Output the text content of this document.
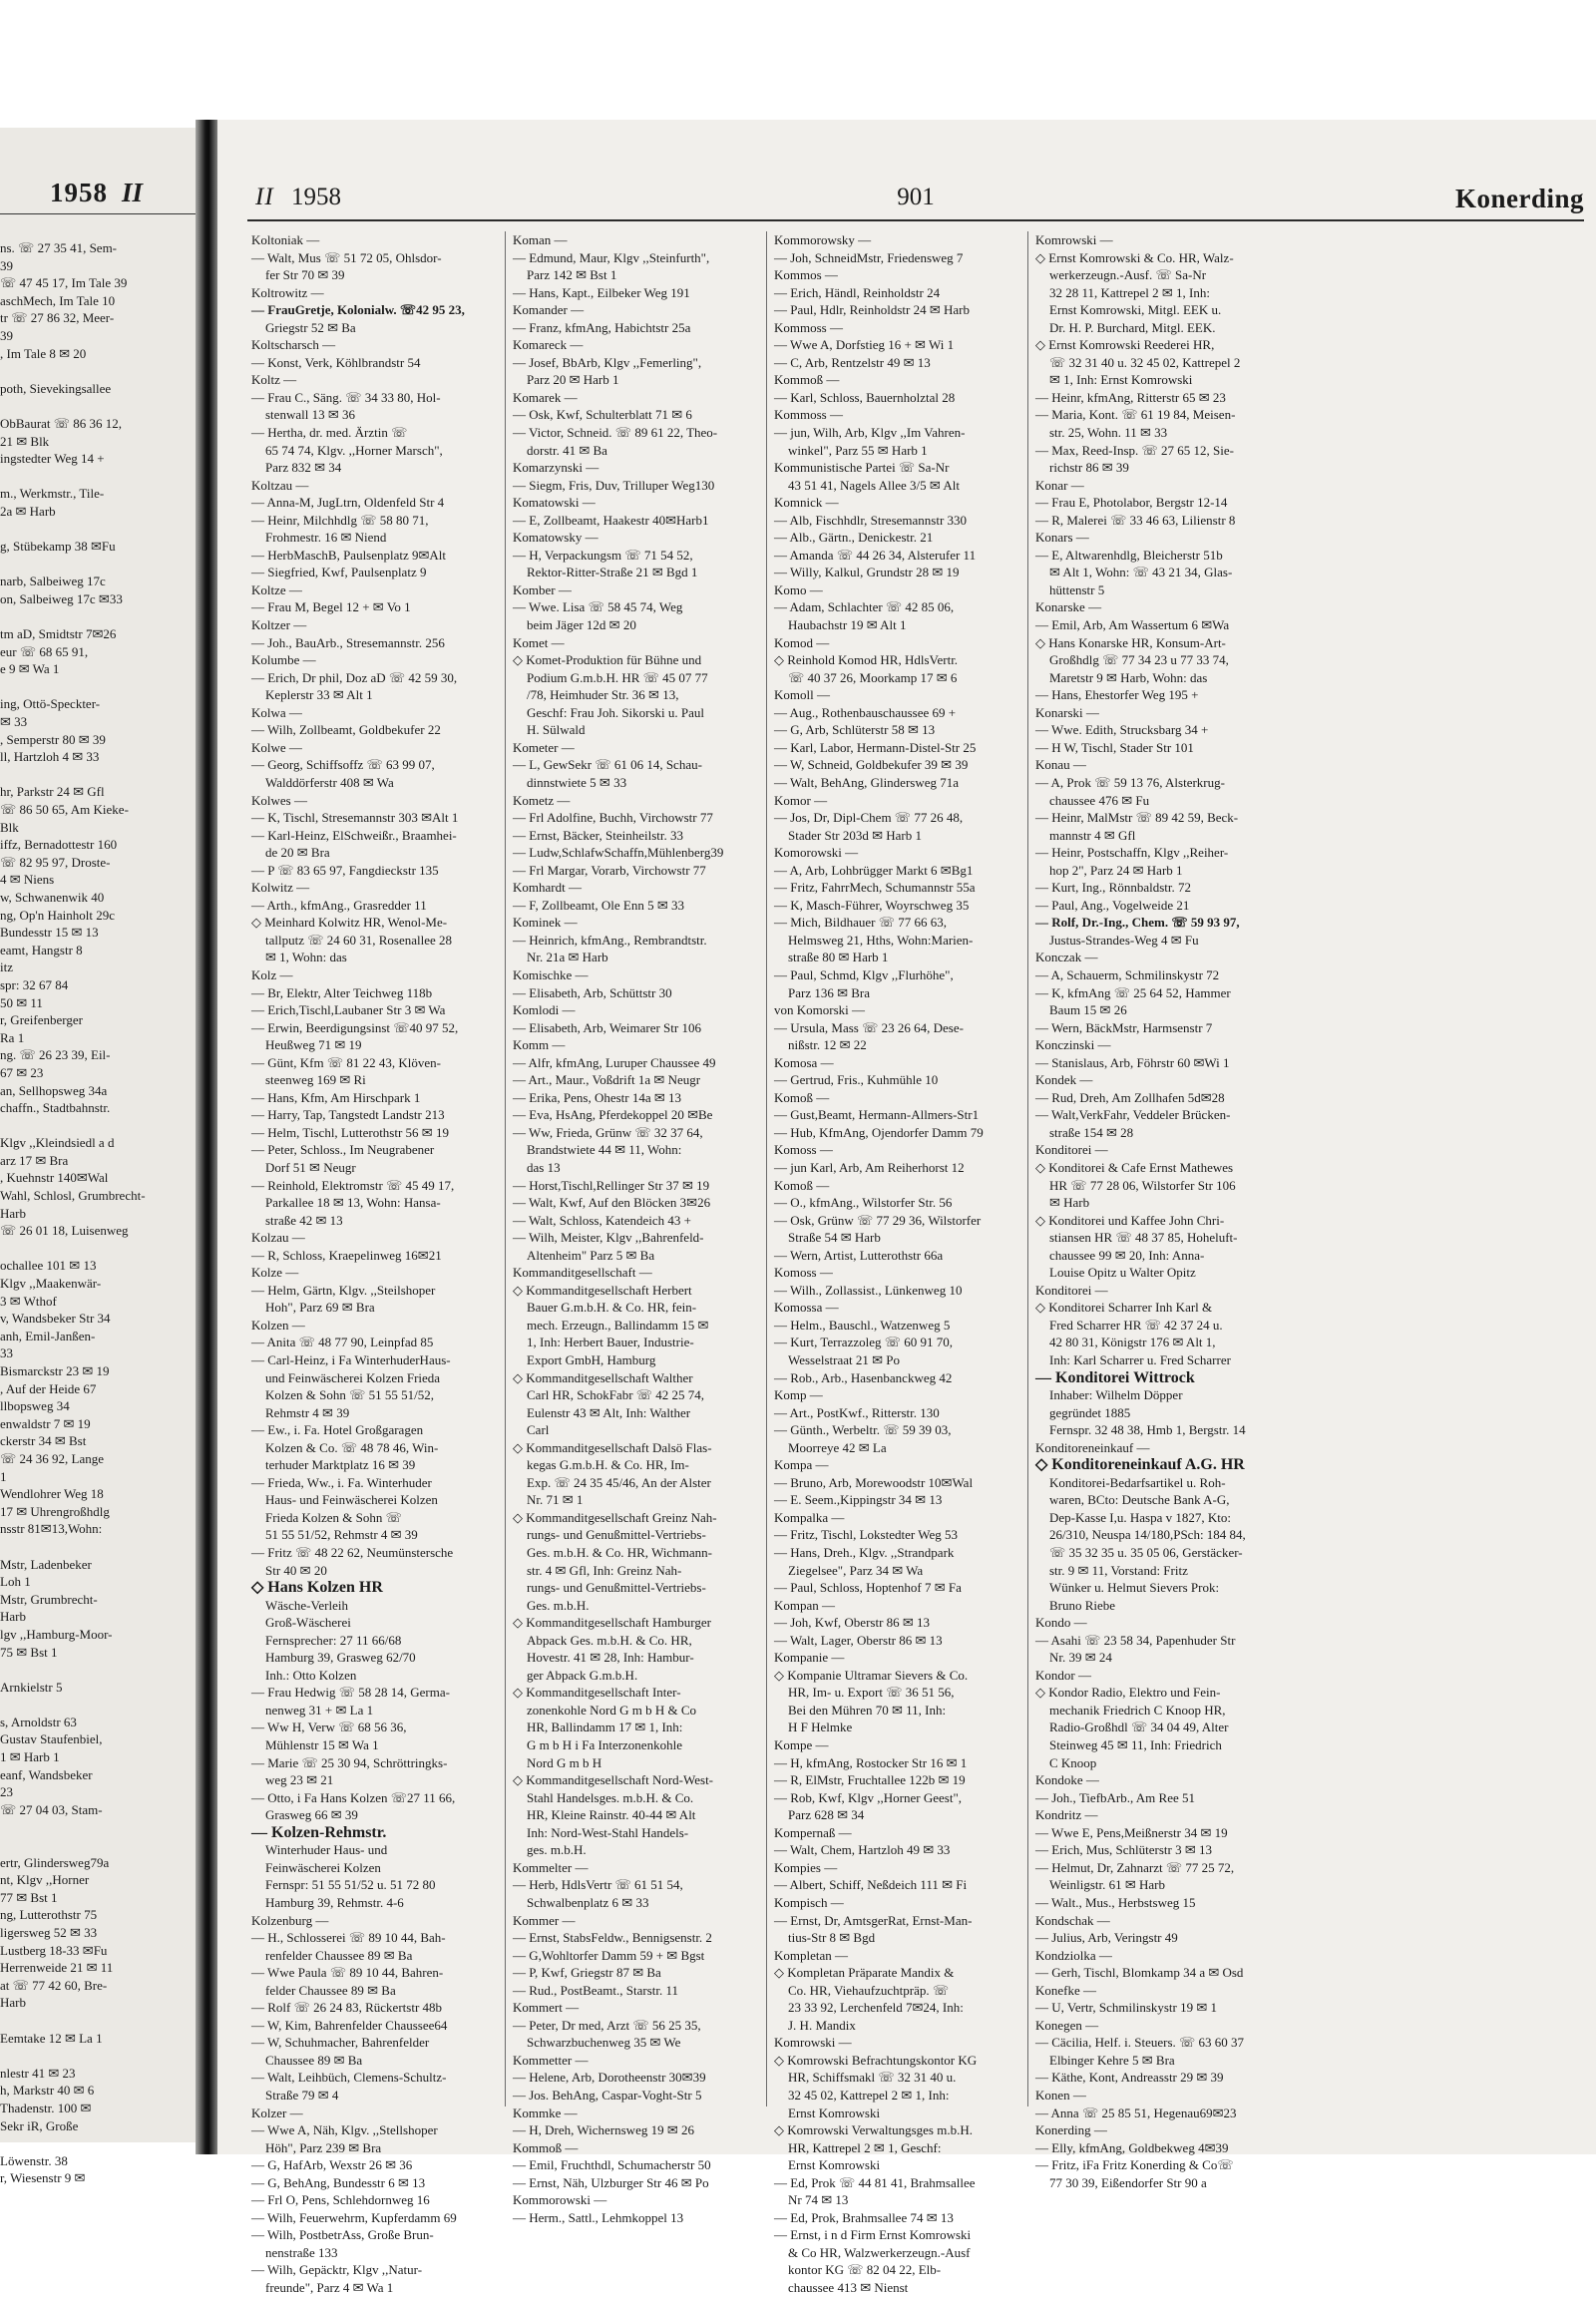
1958 II
ns. ☏ 27 35 41, Sem-
39
☏ 47 45 17, Im Tale 39
aschMech, Im Tale 10
tr ☏ 27 86 32, Meer-
39
, Im Tale 8 ✉ 20

poth, Sievekingsallee

ObBaurat ☏ 86 36 12,
21 ✉ Blk
ingstedter Weg 14 +

m., Werkmstr., Tile-
2a ✉ Harb

g, Stübekamp 38 ✉Fu

narb, Salbeiweg 17c
on, Salbeiweg 17c ✉33

tm aD, Smidtstr 7✉26
eur ☏ 68 65 91,
e 9 ✉ Wa 1

ing, Ottö-Speckter-
✉ 33
, Semperstr 80 ✉ 39
ll, Hartzloh 4 ✉ 33

hr, Parkstr 24 ✉ Gfl
☏ 86 50 65, Am Kieke-
Blk
iffz, Bernadottestr 160
☏ 82 95 97, Droste-
4 ✉ Niens
w, Schwanenwik 40
ng, Op'n Hainholt 29c
Bundesstr 15 ✉ 13
eamt, Hangstr 8
itz
spr: 32 67 84
50 ✉ 11
r, Greifenberger
Ra 1
ng. ☏ 26 23 39, Eil-
67 ✉ 23
an, Sellhopsweg 34a
chaffn., Stadtbahnstr.

Klgv ,,Kleindsiedl a d
arz 17 ✉ Bra
, Kuehnstr 140✉Wal
Wahl, Schlosl, Grumbrecht-
Harb
☏ 26 01 18, Luisenweg

ochallee 101 ✉ 13
Klgv ,,Maakenwär-
3 ✉ Wthof
v, Wandsbeker Str 34
anh, Emil-Janßen-
33
Bismarckstr 23 ✉ 19
, Auf der Heide 67
llbopsweg 34
enwaldstr 7 ✉ 19
ckerstr 34 ✉ Bst
☏ 24 36 92, Lange
1
Wendlohrer Weg 18
17 ✉ Uhrengroßhdlg
nsstr 81✉13,Wohn:

Mstr, Ladenbeker
Loh 1
Mstr, Grumbrecht-
Harb
lgv ,,Hamburg-Moor-
75 ✉ Bst 1

Arnkielstr 5

s, Arnoldstr 63
Gustav Staufenbiel,
1 ✉ Harb 1
eanf, Wandsbeker
23
☏ 27 04 03, Stam-

ertr, Glindersweg79a
nt, Klgv ,,Horner
77 ✉ Bst 1
ng, Lutterothstr 75
ligersweg 52 ✉ 33
Lustberg 18-33 ✉Fu
Herrenweide 21 ✉ 11
at ☏ 77 42 60, Bre-
Harb

Eemtake 12 ✉ La 1

nlestr 41 ✉ 23
h, Markstr 40 ✉ 6
Thadenstr. 100 ✉
Sekr iR, Große

Löwenstr. 38
r, Wiesenstr 9 ✉
II 1958	901	Konerding
Koltoniak —
— Walt, Mus ☏ 51 72 05, Ohlsdor-
fer Str 70 ✉ 39
Koltrowitz —
— FrauGretje, Kolonialw. ☏42 95 23,
Griegstr 52 ✉ Ba
Koltscharsch —
— Konst, Verk, Köhlbrandstr 54
Koltz —
— Frau C., Säng. ☏ 34 33 80, Hol-
stenwall 13 ✉ 36
— Hertha, dr. med. Ärztin ☏
65 74 74, Klgv. ,,Horner Marsch",
Parz 832 ✉ 34
Koltzau —
— Anna-M, JugLtrn, Oldenfeld Str 4
— Heinr, Milchhdlg ☏ 58 80 71,
Frohmestr. 16 ✉ Niend
— HerbMaschB, Paulsenplatz 9✉Alt
— Siegfried, Kwf, Paulsenplatz 9
Koltze —
— Frau M, Begel 12 + ✉ Vo 1
Koltzer —
— Joh., BauArb., Stresemannstr. 256
Kolumbe —
— Erich, Dr phil, Doz aD ☏ 42 59 30,
Keplerstr 33 ✉ Alt 1
Kolwa —
— Wilh, Zollbeamt, Goldbekufer 22
Kolwe —
— Georg, Schiffsoffz ☏ 63 99 07,
Walddörferstr 408 ✉ Wa
Kolwes —
— K, Tischl, Stresemannstr 303 ✉Alt 1
— Karl-Heinz, ElSchweißr., Braamhei-
de 20 ✉ Bra
— P ☏ 83 65 97, Fangdieckstr 135
Kolwitz —
— Arth., kfmAng., Grasredder 11
◇ Meinhard Kolwitz HR, Wenol-Me-
tallputz ☏ 24 60 31, Rosenallee 28
✉ 1, Wohn: das
Kolz —
— Br, Elektr, Alter Teichweg 118b
— Erich,Tischl,Laubaner Str 3 ✉ Wa
— Erwin, Beerdigungsinst ☏40 97 52,
Heußweg 71 ✉ 19
— Günt, Kfm ☏ 81 22 43, Klöven-
steenweg 169 ✉ Ri
— Hans, Kfm, Am Hirschpark 1
— Harry, Tap, Tangstedt Landstr 213
— Helm, Tischl, Lutterothstr 56 ✉ 19
— Peter, Schloss., Im Neugrabener
Dorf 51 ✉ Neugr
— Reinhold, Elektromstr ☏ 45 49 17,
Parkallee 18 ✉ 13, Wohn: Hansa-
straße 42 ✉ 13
Kolzau —
— R, Schloss, Kraepelinweg 16✉21
Kolze —
— Helm, Gärtn, Klgv. ,,Steilshoper
Hoh", Parz 69 ✉ Bra
Kolzen —
— Anita ☏ 48 77 90, Leinpfad 85
— Carl-Heinz, i Fa WinterhuderHaus-
und Feinwäscherei Kolzen Frieda
Kolzen & Sohn ☏ 51 55 51/52,
Rehmstr 4 ✉ 39
— Ew., i. Fa. Hotel Großgaragen
Kolzen & Co. ☏ 48 78 46, Win-
terhuder Marktplatz 16 ✉ 39
— Frieda, Ww., i. Fa. Winterhuder
Haus- und Feinwäscherei Kolzen
Frieda Kolzen & Sohn ☏
51 55 51/52, Rehmstr 4 ✉ 39
— Fritz ☏ 48 22 62, Neumünstersche
Str 40 ✉ 20
◇ Hans Kolzen HR
Wäsche-Verleih
Groß-Wäscherei
Fernsprecher: 27 11 66/68
Hamburg 39, Grasweg 62/70
Inh.: Otto Kolzen
— Frau Hedwig ☏ 58 28 14, Germa-
nenweg 31 + ✉ La 1
— Ww H, Verw ☏ 68 56 36,
Mühlenstr 15 ✉ Wa 1
— Marie ☏ 25 30 94, Schröttringks-
weg 23 ✉ 21
— Otto, i Fa Hans Kolzen ☏27 11 66,
Grasweg 66 ✉ 39
— Kolzen-Rehmstr.
Winterhuder Haus- und
Feinwäscherei Kolzen
Fernspr: 51 55 51/52 u. 51 72 80
Hamburg 39, Rehmstr. 4-6
Kolzenburg —
— H., Schlosserei ☏ 89 10 44, Bah-
renfelder Chaussee 89 ✉ Ba
— Wwe Paula ☏ 89 10 44, Bahren-
felder Chaussee 89 ✉ Ba
— Rolf ☏ 26 24 83, Rückertstr 48b
— W, Kim, Bahrenfelder Chaussee64
— W, Schuhmacher, Bahrenfelder
Chaussee 89 ✉ Ba
— Walt, Leihbüch, Clemens-Schultz-
Straße 79 ✉ 4
Kolzer —
— Wwe A, Näh, Klgv. ,,Stellshoper
Höh", Parz 239 ✉ Bra
— G, HafArb, Wexstr 26 ✉ 36
— G, BehAng, Bundesstr 6 ✉ 13
— Frl O, Pens, Schlehdornweg 16
— Wilh, Feuerwehrm, Kupferdamm 69
— Wilh, PostbetrAss, Große Brun-
nenstraße 133
— Wilh, Gepäcktr, Klgv ,,Natur-
freunde", Parz 4 ✉ Wa 1
Koman —
— Edmund, Maur, Klgv ,,Steinfurth",
Parz 142 ✉ Bst 1
— Hans, Kapt., Eilbeker Weg 191
Komander —
— Franz, kfmAng, Habichtstr 25a
Komareck —
— Josef, BbArb, Klgv ,,Femerling",
Parz 20 ✉ Harb 1
Komarek —
— Osk, Kwf, Schulterblatt 71 ✉ 6
— Victor, Schneid. ☏ 89 61 22, Theo-
dorstr. 41 ✉ Ba
Komarzynski —
— Siegm, Fris, Duv, Trilluper Weg130
Komatowski —
— E, Zollbeamt, Haakestr 40✉Harb1
Komatowsky —
— H, Verpackungsm ☏ 71 54 52,
Rektor-Ritter-Straße 21 ✉ Bgd 1
Komber —
— Wwe. Lisa ☏ 58 45 74, Weg
beim Jäger 12d ✉ 20
Komet —
◇ Komet-Produktion für Bühne und
Podium G.m.b.H. HR ☏ 45 07 77
/78, Heimhuder Str. 36 ✉ 13,
Geschf: Frau Joh. Sikorski u. Paul
H. Sülwald
Kometer —
— L, GewSekr ☏ 61 06 14, Schau-
dinnstwiete 5 ✉ 33
Kometz —
— Frl Adolfine, Buchh, Virchowstr 77
— Ernst, Bäcker, Steinheilstr. 33
— Ludw,SchlafwSchaffn,Mühlenberg39
— Frl Margar, Vorarb, Virchowstr 77
Komhardt —
— F, Zollbeamt, Ole Enn 5 ✉ 33
Kominek —
— Heinrich, kfmAng., Rembrandtstr.
Nr. 21a ✉ Harb
Komischke —
— Elisabeth, Arb, Schüttstr 30
Komlodi —
— Elisabeth, Arb, Weimarer Str 106
Komm —
— Alfr, kfmAng, Luruper Chaussee 49
— Art., Maur., Voßdrift 1a ✉ Neugr
— Erika, Pens, Ohestr 14a ✉ 13
— Eva, HsAng, Pferdekoppel 20 ✉Be
— Ww, Frieda, Grünw ☏ 32 37 64,
Brandstwiete 44 ✉ 11, Wohn:
das 13
— Horst,Tischl,Rellinger Str 37 ✉ 19
— Walt, Kwf, Auf den Blöcken 3✉26
— Walt, Schloss, Katendeich 43 +
— Wilh, Meister, Klgv ,,Bahrenfeld-
Altenheim" Parz 5 ✉ Ba
Kommanditgesellschaft —
◇ Kommanditgesellschaft Herbert
Bauer G.m.b.H. & Co. HR, fein-
mech. Erzeugn., Ballindamm 15 ✉
1, Inh: Herbert Bauer, Industrie-
Export GmbH, Hamburg
◇ Kommanditgesellschaft Walther
Carl HR, SchokFabr ☏ 42 25 74,
Eulenstr 43 ✉ Alt, Inh: Walther
Carl
◇ Kommanditgesellschaft Dalsö Flas-
kegas G.m.b.H. & Co. HR, Im-
Exp. ☏ 24 35 45/46, An der Alster
Nr. 71 ✉ 1
◇ Kommanditgesellschaft Greinz Nah-
rungs- und Genußmittel-Vertriebs-
Ges. m.b.H. & Co. HR, Wichmann-
str. 4 ✉ Gfl, Inh: Greinz Nah-
rungs- und Genußmittel-Vertriebs-
Ges. m.b.H.
◇ Kommanditgesellschaft Hamburger
Abpack Ges. m.b.H. & Co. HR,
Hovestr. 41 ✉ 28, Inh: Hambur-
ger Abpack G.m.b.H.
◇ Kommanditgesellschaft Inter-
zonenkohle Nord G m b H & Co
HR, Ballindamm 17 ✉ 1, Inh:
G m b H i Fa Interzonenkohle
Nord G m b H
◇ Kommanditgesellschaft Nord-West-
Stahl Handelsges. m.b.H. & Co.
HR, Kleine Rainstr. 40-44 ✉ Alt
Inh: Nord-West-Stahl Handels-
ges. m.b.H.
Kommelter —
— Herb, HdlsVertr ☏ 61 51 54,
Schwalbenplatz 6 ✉ 33
Kommer —
— Ernst, StabsFeldw., Bennigsenstr. 2
— G,Wohltorfer Damm 59 + ✉ Bgst
— P, Kwf, Griegstr 87 ✉ Ba
— Rud., PostBeamt., Starstr. 11
Kommert —
— Peter, Dr med, Arzt ☏ 56 25 35,
Schwarzbuchenweg 35 ✉ We
Kommetter —
— Helene, Arb, Dorotheenstr 30✉39
— Jos. BehAng, Caspar-Voght-Str 5
Kommke —
— H, Dreh, Wichernsweg 19 ✉ 26
Kommoß —
— Emil, Fruchthdl, Schumacherstr 50
— Ernst, Näh, Ulzburger Str 46 ✉ Po
Kommorowski —
— Herm., Sattl., Lehmkoppel 13
Kommorowsky —
— Joh, SchneidMstr, Friedensweg 7
Kommos —
— Erich, Händl, Reinholdstr 24
— Paul, Hdlr, Reinholdstr 24 ✉ Harb
Kommoss —
— Wwe A, Dorfstieg 16 + ✉ Wi 1
— C, Arb, Rentzelstr 49 ✉ 13
Kommoß —
— Karl, Schloss, Bauernholztal 28
Kommoss —
— jun, Wilh, Arb, Klgv ,,Im Vahren-
winkel", Parz 55 ✉ Harb 1
Kommunistische Partei ☏ Sa-Nr
43 51 41, Nagels Allee 3/5 ✉ Alt
Komnick —
— Alb, Fischhdlr, Stresemannstr 330
— Alb., Gärtn., Denickestr. 21
— Amanda ☏ 44 26 34, Alsterufer 11
— Willy, Kalkul, Grundstr 28 ✉ 19
Komo —
— Adam, Schlachter ☏ 42 85 06,
Haubachstr 19 ✉ Alt 1
Komod —
◇ Reinhold Komod HR, HdlsVertr.
☏ 40 37 26, Moorkamp 17 ✉ 6
Komoll —
— Aug., Rothenbauschaussee 69 +
— G, Arb, Schlüterstr 58 ✉ 13
— Karl, Labor, Hermann-Distel-Str 25
— W, Schneid, Goldbekufer 39 ✉ 39
— Walt, BehAng, Glindersweg 71a
Komor —
— Jos, Dr, Dipl-Chem ☏ 77 26 48,
Stader Str 203d ✉ Harb 1
Komorowski —
— A, Arb, Lohbrügger Markt 6 ✉Bg1
— Fritz, FahrrMech, Schumannstr 55a
— K, Masch-Führer, Woyrschweg 35
— Mich, Bildhauer ☏ 77 66 63,
Helmsweg 21, Hths, Wohn:Marien-
straße 80 ✉ Harb 1
— Paul, Schmd, Klgv ,,Flurhöhe",
Parz 136 ✉ Bra
von Komorski —
— Ursula, Mass ☏ 23 26 64, Dese-
nißstr. 12 ✉ 22
Komosa —
— Gertrud, Fris., Kuhmühle 10
Komoß —
— Gust,Beamt, Hermann-Allmers-Str1
— Hub, KfmAng, Ojendorfer Damm 79
Komoss —
— jun Karl, Arb, Am Reiherhorst 12
Komoß —
— O., kfmAng., Wilstorfer Str. 56
— Osk, Grünw ☏ 77 29 36, Wilstorfer
Straße 54 ✉ Harb
— Wern, Artist, Lutterothstr 66a
Komoss —
— Wilh., Zollassist., Lünkenweg 10
Komossa —
— Helm., Bauschl., Watzenweg 5
— Kurt, Terrazzoleg ☏ 60 91 70,
Wesselstraat 21 ✉ Po
— Rob., Arb., Hasenbanckweg 42
Komp —
— Art., PostKwf., Ritterstr. 130
— Günth., Werbeltr. ☏ 59 39 03,
Moorreye 42 ✉ La
Kompa —
— Bruno, Arb, Morewoodstr 10✉Wal
— E. Seem.,Kippingstr 34 ✉ 13
Kompalka —
— Fritz, Tischl, Lokstedter Weg 53
— Hans, Dreh., Klgv. ,,Strandpark
Ziegelsee", Parz 34 ✉ Wa
— Paul, Schloss, Hoptenhof 7 ✉ Fa
Kompan —
— Joh, Kwf, Oberstr 86 ✉ 13
— Walt, Lager, Oberstr 86 ✉ 13
Kompanie —
◇ Kompanie Ultramar Sievers & Co.
HR, Im- u. Export ☏ 36 51 56,
Bei den Mühren 70 ✉ 11, Inh:
H F Helmke
Kompe —
— H, kfmAng, Rostocker Str 16 ✉ 1
— R, ElMstr, Fruchtallee 122b ✉ 19
— Rob, Kwf, Klgv ,,Horner Geest",
Parz 628 ✉ 34
Kompernaß —
— Walt, Chem, Hartzloh 49 ✉ 33
Kompies —
— Albert, Schiff, Neßdeich 111 ✉ Fi
Kompisch —
— Ernst, Dr, AmtsgerRat, Ernst-Man-
tius-Str 8 ✉ Bgd
Kompletan —
◇ Kompletan Präparate Mandix &
Co. HR, Viehaufzuchtpräp. ☏
23 33 92, Lerchenfeld 7✉24, Inh:
J. H. Mandix
Komrowski —
◇ Komrowski Befrachtungskontor KG
HR, Schiffsmakl ☏ 32 31 40 u.
32 45 02, Kattrepel 2 ✉ 1, Inh:
Ernst Komrowski
◇ Komrowski Verwaltungsges m.b.H.
HR, Kattrepel 2 ✉ 1, Geschf:
Ernst Komrowski
— Ed, Prok ☏ 44 81 41, Brahmsallee
Nr 74 ✉ 13
— Ed, Prok, Brahmsallee 74 ✉ 13
— Ernst, i n d Firm Ernst Komrowski
& Co HR, Walzwerkerzeugn.-Ausf
kontor KG ☏ 82 04 22, Elb-
chaussee 413 ✉ Nienst
Komrowski —
◇ Ernst Komrowski & Co. HR, Walz-
werkerzeugn.-Ausf. ☏ Sa-Nr
32 28 11, Kattrepel 2 ✉ 1, Inh:
Ernst Komrowski, Mitgl. EEK u.
Dr. H. P. Burchard, Mitgl. EEK.
◇ Ernst Komrowski Reederei HR,
☏ 32 31 40 u. 32 45 02, Kattrepel 2
✉ 1, Inh: Ernst Komrowski
— Heinr, kfmAng, Ritterstr 65 ✉ 23
— Maria, Kont. ☏ 61 19 84, Meisen-
str. 25, Wohn. 11 ✉ 33
— Max, Reed-Insp. ☏ 27 65 12, Sie-
richstr 86 ✉ 39
Konar —
— Frau E, Photolabor, Bergstr 12-14
— R, Malerei ☏ 33 46 63, Lilienstr 8
Konars —
— E, Altwarenhdlg, Bleicherstr 51b
✉ Alt 1, Wohn: ☏ 43 21 34, Glas-
hüttenstr 5
Konarske —
— Emil, Arb, Am Wassertum 6 ✉Wa
◇ Hans Konarske HR, Konsum-Art-
Großhdlg ☏ 77 34 23 u 77 33 74,
Maretstr 9 ✉ Harb, Wohn: das
— Hans, Ehestorfer Weg 195 +
Konarski —
— Wwe. Edith, Strucksbarg 34 +
— H W, Tischl, Stader Str 101
Konau —
— A, Prok ☏ 59 13 76, Alsterkrug-
chaussee 476 ✉ Fu
— Heinr, MalMstr ☏ 89 42 59, Beck-
mannstr 4 ✉ Gfl
— Heinr, Postschaffn, Klgv ,,Reiher-
hop 2", Parz 24 ✉ Harb 1
— Kurt, Ing., Rönnbaldstr. 72
— Paul, Ang., Vogelweide 21
— Rolf, Dr.-Ing., Chem. ☏ 59 93 97,
Justus-Strandes-Weg 4 ✉ Fu
Konczak —
— A, Schauerm, Schmilinskystr 72
— K, kfmAng ☏ 25 64 52, Hammer
Baum 15 ✉ 26
— Wern, BäckMstr, Harmsenstr 7
Konczinski —
— Stanislaus, Arb, Föhrstr 60 ✉Wi 1
Kondek —
— Rud, Dreh, Am Zollhafen 5d✉28
— Walt,VerkFahr, Veddeler Brücken-
straße 154 ✉ 28
Konditorei —
◇ Konditorei & Cafe Ernst Mathewes
HR ☏ 77 28 06, Wilstorfer Str 106
✉ Harb
◇ Konditorei und Kaffee John Chri-
stiansen HR ☏ 48 37 85, Hoheluft-
chaussee 99 ✉ 20, Inh: Anna-
Louise Opitz u Walter Opitz
Konditorei —
◇ Konditorei Scharrer Inh Karl &
Fred Scharrer HR ☏ 42 37 24 u.
42 80 31, Königstr 176 ✉ Alt 1,
Inh: Karl Scharrer u. Fred Scharrer
— Konditorei Wittrock
Inhaber: Wilhelm Döpper
gegründet 1885
Fernspr. 32 48 38, Hmb 1, Bergstr. 14
Konditoreneinkauf —
◇ Konditoreneinkauf A.G. HR
Konditorei-Bedarfsartikel u. Roh-
waren, BCto: Deutsche Bank A-G,
Dep-Kasse I,u. Haspa v 1827, Kto:
26/310, Neuspa 14/180,PSch: 184 84,
☏ 35 32 35 u. 35 05 06, Gerstäcker-
str. 9 ✉ 11, Vorstand: Fritz
Wünker u. Helmut Sievers Prok:
Bruno Riebe
Kondo —
— Asahi ☏ 23 58 34, Papenhuder Str
Nr. 39 ✉ 24
Kondor —
◇ Kondor Radio, Elektro und Fein-
mechanik Friedrich C Knoop HR,
Radio-Großhdl ☏ 34 04 49, Alter
Steinweg 45 ✉ 11, Inh: Friedrich
C Knoop
Kondoke —
— Joh., TiefbArb., Am Ree 51
Kondritz —
— Wwe E, Pens,Meißnerstr 34 ✉ 19
— Erich, Mus, Schlüterstr 3 ✉ 13
— Helmut, Dr, Zahnarzt ☏ 77 25 72,
Weinligstr. 61 ✉ Harb
— Walt., Mus., Herbstsweg 15
Kondschak —
— Julius, Arb, Veringstr 49
Kondziolka —
— Gerh, Tischl, Blomkamp 34 a ✉ Osd
Konefke —
— U, Vertr, Schmilinskystr 19 ✉ 1
Konegen —
— Cäcilia, Helf. i. Steuers. ☏ 63 60 37
Elbinger Kehre 5 ✉ Bra
— Käthe, Kont, Andreasstr 29 ✉ 39
Konen —
— Anna ☏ 25 85 51, Hegenau69✉23
Konerding —
— Elly, kfmAng, Goldbekweg 4✉39
— Fritz, iFa Fritz Konerding & Co☏
77 30 39, Eißendorfer Str 90 a
